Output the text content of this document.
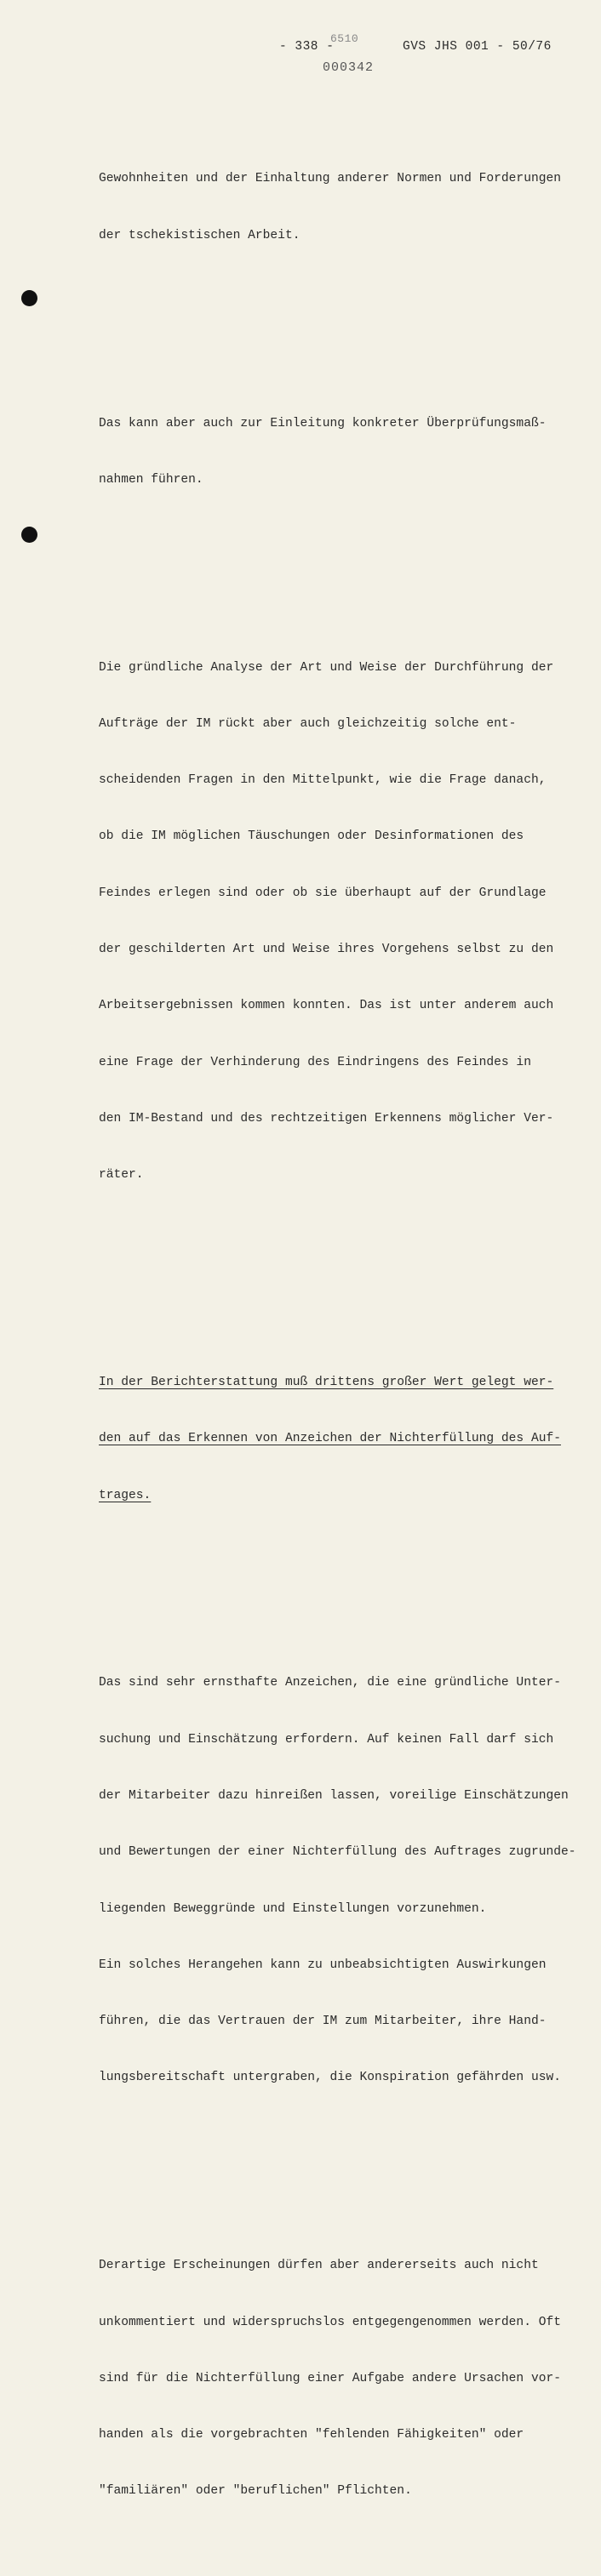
6510
- 338 -	GVS JHS 001 - 50/76
000342

Gewohnheiten und der Einhaltung anderer Normen und Forderungen

der tschekistischen Arbeit.

Das kann aber auch zur Einleitung konkreter Überprüfungsmaß-

nahmen führen.

Die gründliche Analyse der Art und Weise der Durchführung der

Aufträge der IM rückt aber auch gleichzeitig solche ent-

scheidenden Fragen in den Mittelpunkt, wie die Frage danach,

ob die IM möglichen Täuschungen oder Desinformationen des

Feindes erlegen sind oder ob sie überhaupt auf der Grundlage

der geschilderten Art und Weise ihres Vorgehens selbst zu den

Arbeitsergebnissen kommen konnten. Das ist unter anderem auch

eine Frage der Verhinderung des Eindringens des Feindes in

den IM-Bestand und des rechtzeitigen Erkennens möglicher Ver-

räter.

In der Berichterstattung muß drittens großer Wert gelegt wer-

den auf das Erkennen von Anzeichen der Nichterfüllung des Auf-

trages.

Das sind sehr ernsthafte Anzeichen, die eine gründliche Unter-

suchung und Einschätzung erfordern. Auf keinen Fall darf sich

der Mitarbeiter dazu hinreißen lassen, voreilige Einschätzungen

und Bewertungen der einer Nichterfüllung des Auftrages zugrunde-

liegenden Beweggründe und Einstellungen vorzunehmen.

Ein solches Herangehen kann zu unbeabsichtigten Auswirkungen

führen, die das Vertrauen der IM zum Mitarbeiter, ihre Hand-

lungsbereitschaft untergraben, die Konspiration gefährden usw.

Derartige Erscheinungen dürfen aber andererseits auch nicht

unkommentiert und widerspruchslos entgegengenommen werden. Oft

sind für die Nichterfüllung einer Aufgabe andere Ursachen vor-

handen als die vorgebrachten "fehlenden Fähigkeiten" oder

"familiären" oder "beruflichen" Pflichten.
